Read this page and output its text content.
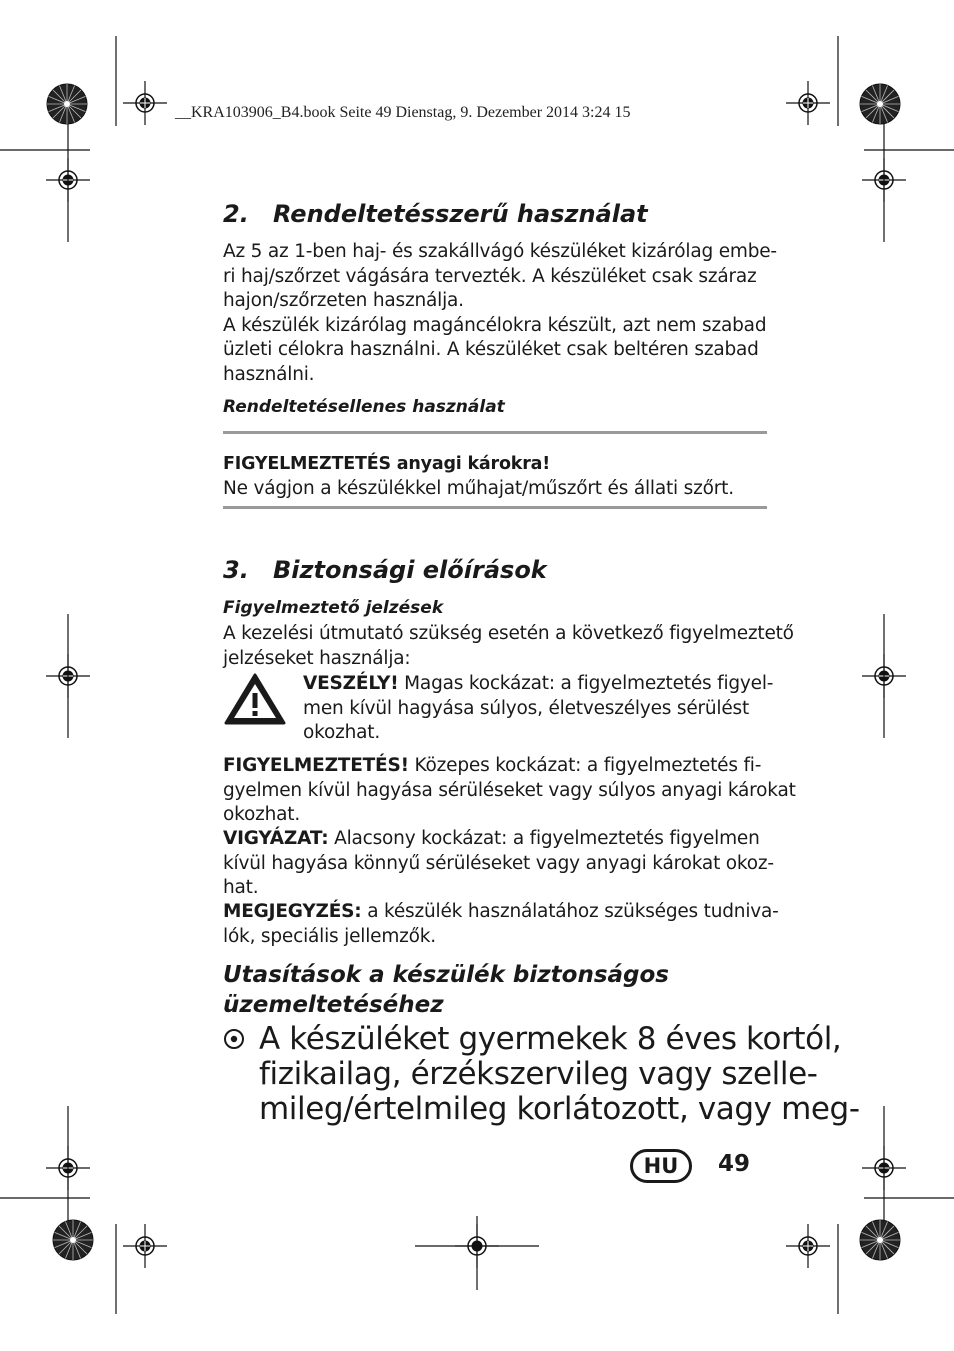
__KRA103906_B4.book Seite 49 Dienstag, 9. Dezember 2014 3:24 15
2. Rendeltetésszerű használat
Az 5 az 1-ben haj- és szakállvágó készüléket kizárólag embe-
ri haj/szőrzet vágására tervezték. A készüléket csak száraz
hajon/szőrzeten használja.
A készülék kizárólag magáncélokra készült, azt nem szabad
üzleti célokra használni. A készüléket csak beltéren szabad
használni.
Rendeltetésellenes használat
FIGYELMEZTETÉS anyagi károkra!
Ne vágjon a készülékkel műhajat/műszőrt és állati szőrt.
3. Biztonsági előírások
Figyelmeztető jelzések
A kezelési útmutató szükség esetén a következő figyelmeztető
jelzéseket használja:
VESZÉLY! Magas kockázat: a figyelmeztetés figyel-
men kívül hagyása súlyos, életveszélyes sérülést
okozhat.
FIGYELMEZTETÉS! Közepes kockázat: a figyelmeztetés fi-
gyelmen kívül hagyása sérüléseket vagy súlyos anyagi károkat
okozhat.
VIGYÁZAT: Alacsony kockázat: a figyelmeztetés figyelmen
kívül hagyása könnyű sérüléseket vagy anyagi károkat okoz-
hat.
MEGJEGYZÉS: a készülék használatához szükséges tudniva-
lók, speciális jellemzők.
Utasítások a készülék biztonságos
üzemeltetéséhez
A készüléket gyermekek 8 éves kortól,
fizikailag, érzékszervileg vagy szelle-
mileg/értelmileg korlátozott, vagy meg-
HU	49
